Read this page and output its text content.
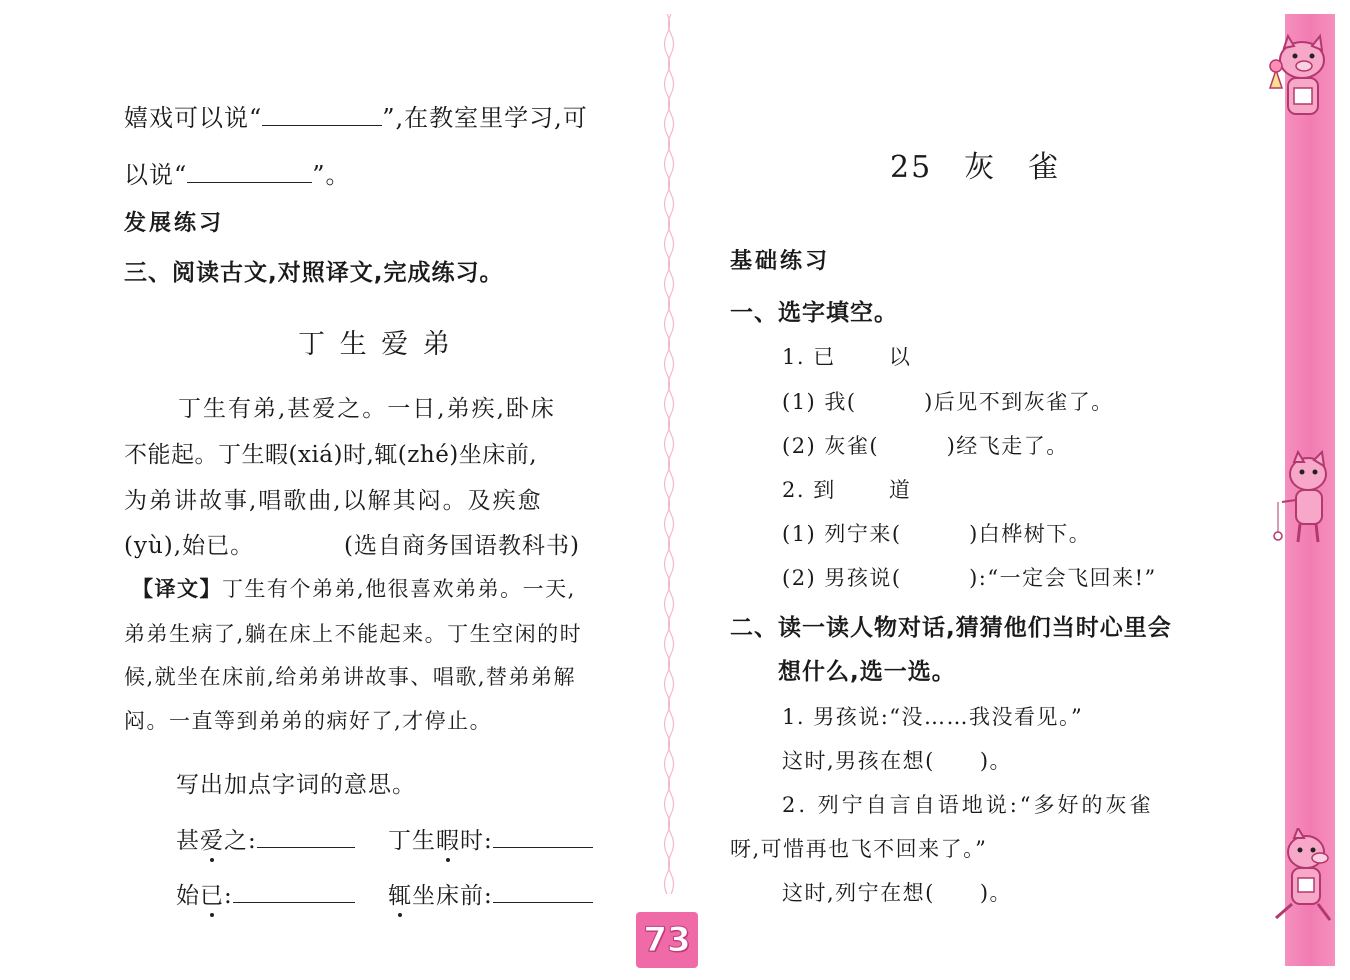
嬉戏可以说“	”,在教室里学习,可
以说“	”。
发展练习
三、阅读古文,对照译文,完成练习。
丁 生 爱 弟
丁生有弟,甚爱之。一日,弟疾,卧床
不能起。丁生暇(xiá)时,辄(zhé)坐床前,
为弟讲故事,唱歌曲,以解其闷。及疾愈
(yù),始已。	(选自商务国语教科书)
【译文】丁生有个弟弟,他很喜欢弟弟。一天,
弟弟生病了,躺在床上不能起来。丁生空闲的时
候,就坐在床前,给弟弟讲故事、唱歌,替弟弟解
闷。一直等到弟弟的病好了,才停止。
写出加点字词的意思。
甚爱之:	丁生暇时:
始已:	辄坐床前:
73
25　灰　雀
基础练习
一、选字填空。
1. 已　　 以
(1) 我(　　　)后见不到灰雀了。
(2) 灰雀(　　　)经飞走了。
2. 到　　 道
(1) 列宁来(　　　)白桦树下。
(2) 男孩说(　　　):“一定会飞回来!”
二、读一读人物对话,猜猜他们当时心里会
想什么,选一选。
1. 男孩说:“没……我没看见。”
这时,男孩在想(　　)。
2. 列宁自言自语地说:“多好的灰雀
呀,可惜再也飞不回来了。”
这时,列宁在想(　　)。
